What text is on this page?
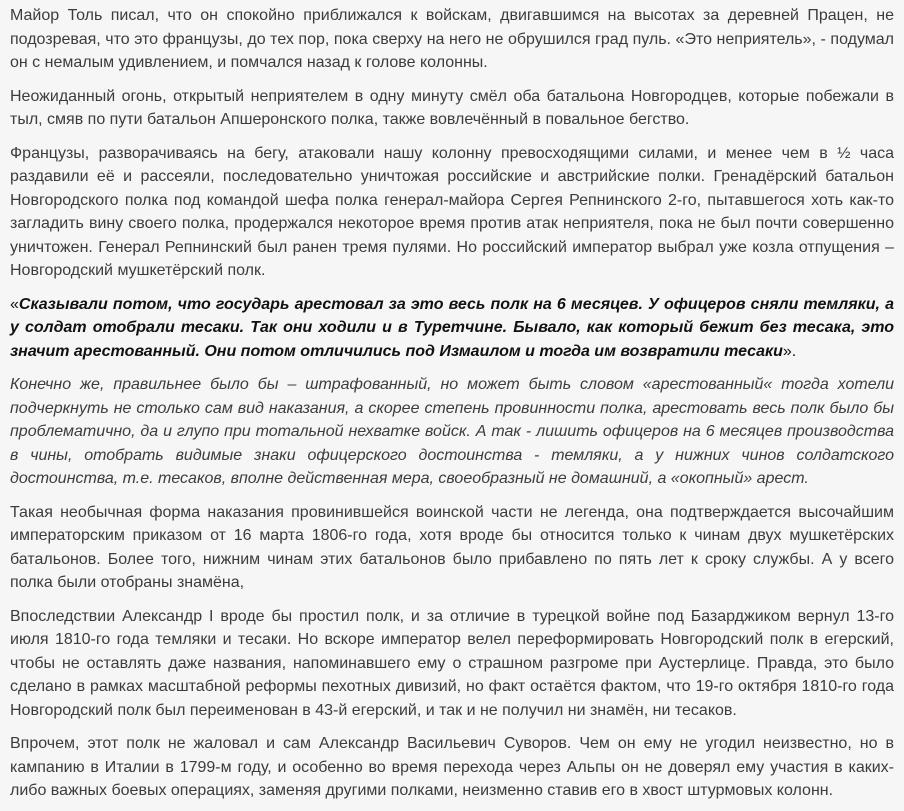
Майор Толь писал, что он спокойно приближался к войскам, двигавшимся на высотах за деревней Працен, не подозревая, что это французы, до тех пор, пока сверху на него не обрушился град пуль. «Это неприятель», - подумал он с немалым удивлением, и помчался назад к голове колонны.

Неожиданный огонь, открытый неприятелем в одну минуту смёл оба батальона Новгородцев, которые побежали в тыл, смяв по пути батальон Апшеронского полка, также вовлечённый в повальное бегство.

Французы, разворачиваясь на бегу, атаковали нашу колонну превосходящими силами, и менее чем в ½ часа раздавили её и рассеяли, последовательно уничтожая российские и австрийские полки. Гренадёрский батальон Новгородского полка под командой шефа полка генерал-майора Сергея Репнинского 2-го, пытавшегося хоть как-то загладить вину своего полка, продержался некоторое время против атак неприятеля, пока не был почти совершенно уничтожен. Генерал Репнинский был ранен тремя пулями. Но российский император выбрал уже козла отпущения – Новгородский мушкетёрский полк.

«Сказывали потом, что государь арестовал за это весь полк на 6 месяцев. У офицеров сняли темляки, а у солдат отобрали тесаки. Так они ходили и в Туретчине. Бывало, как который бежит без тесака, это значит арестованный. Они потом отличились под Измаилом и тогда им возвратили тесаки».

Конечно же, правильнее было бы – штрафованный, но может быть словом «арестованный« тогда хотели подчеркнуть не столько сам вид наказания, а скорее степень провинности полка, арестовать весь полк было бы проблематично, да и глупо при тотальной нехватке войск. А так - лишить офицеров на 6 месяцев производства в чины, отобрать видимые знаки офицерского достоинства - темляки, а у нижних чинов солдатского достоинства, т.е. тесаков, вполне действенная мера, своеобразный не домашний, а «окопный» арест.

Такая необычная форма наказания провинившейся воинской части не легенда, она подтверждается высочайшим императорским приказом от 16 марта 1806-го года, хотя вроде бы относится только к чинам двух мушкетёрских батальонов. Более того, нижним чинам этих батальонов было прибавлено по пять лет к сроку службы. А у всего полка были отобраны знамёна,

Впоследствии Александр I вроде бы простил полк, и за отличие в турецкой войне под Базарджиком вернул 13-го июля 1810-го года темляки и тесаки. Но вскоре император велел переформировать Новгородский полк в егерский, чтобы не оставлять даже названия, напоминавшего ему о страшном разгроме при Аустерлице. Правда, это было сделано в рамках масштабной реформы пехотных дивизий, но факт остаётся фактом, что 19-го октября 1810-го года Новгородский полк был переименован в 43-й егерский, и так и не получил ни знамён, ни тесаков.

Впрочем, этот полк не жаловал и сам Александр Васильевич Суворов. Чем он ему не угодил неизвестно, но в кампанию в Италии в 1799-м году, и особенно во время перехода через Альпы он не доверял ему участия в каких-либо важных боевых операциях, заменяя другими полками, неизменно ставив его в хвост штурмовых колонн.
